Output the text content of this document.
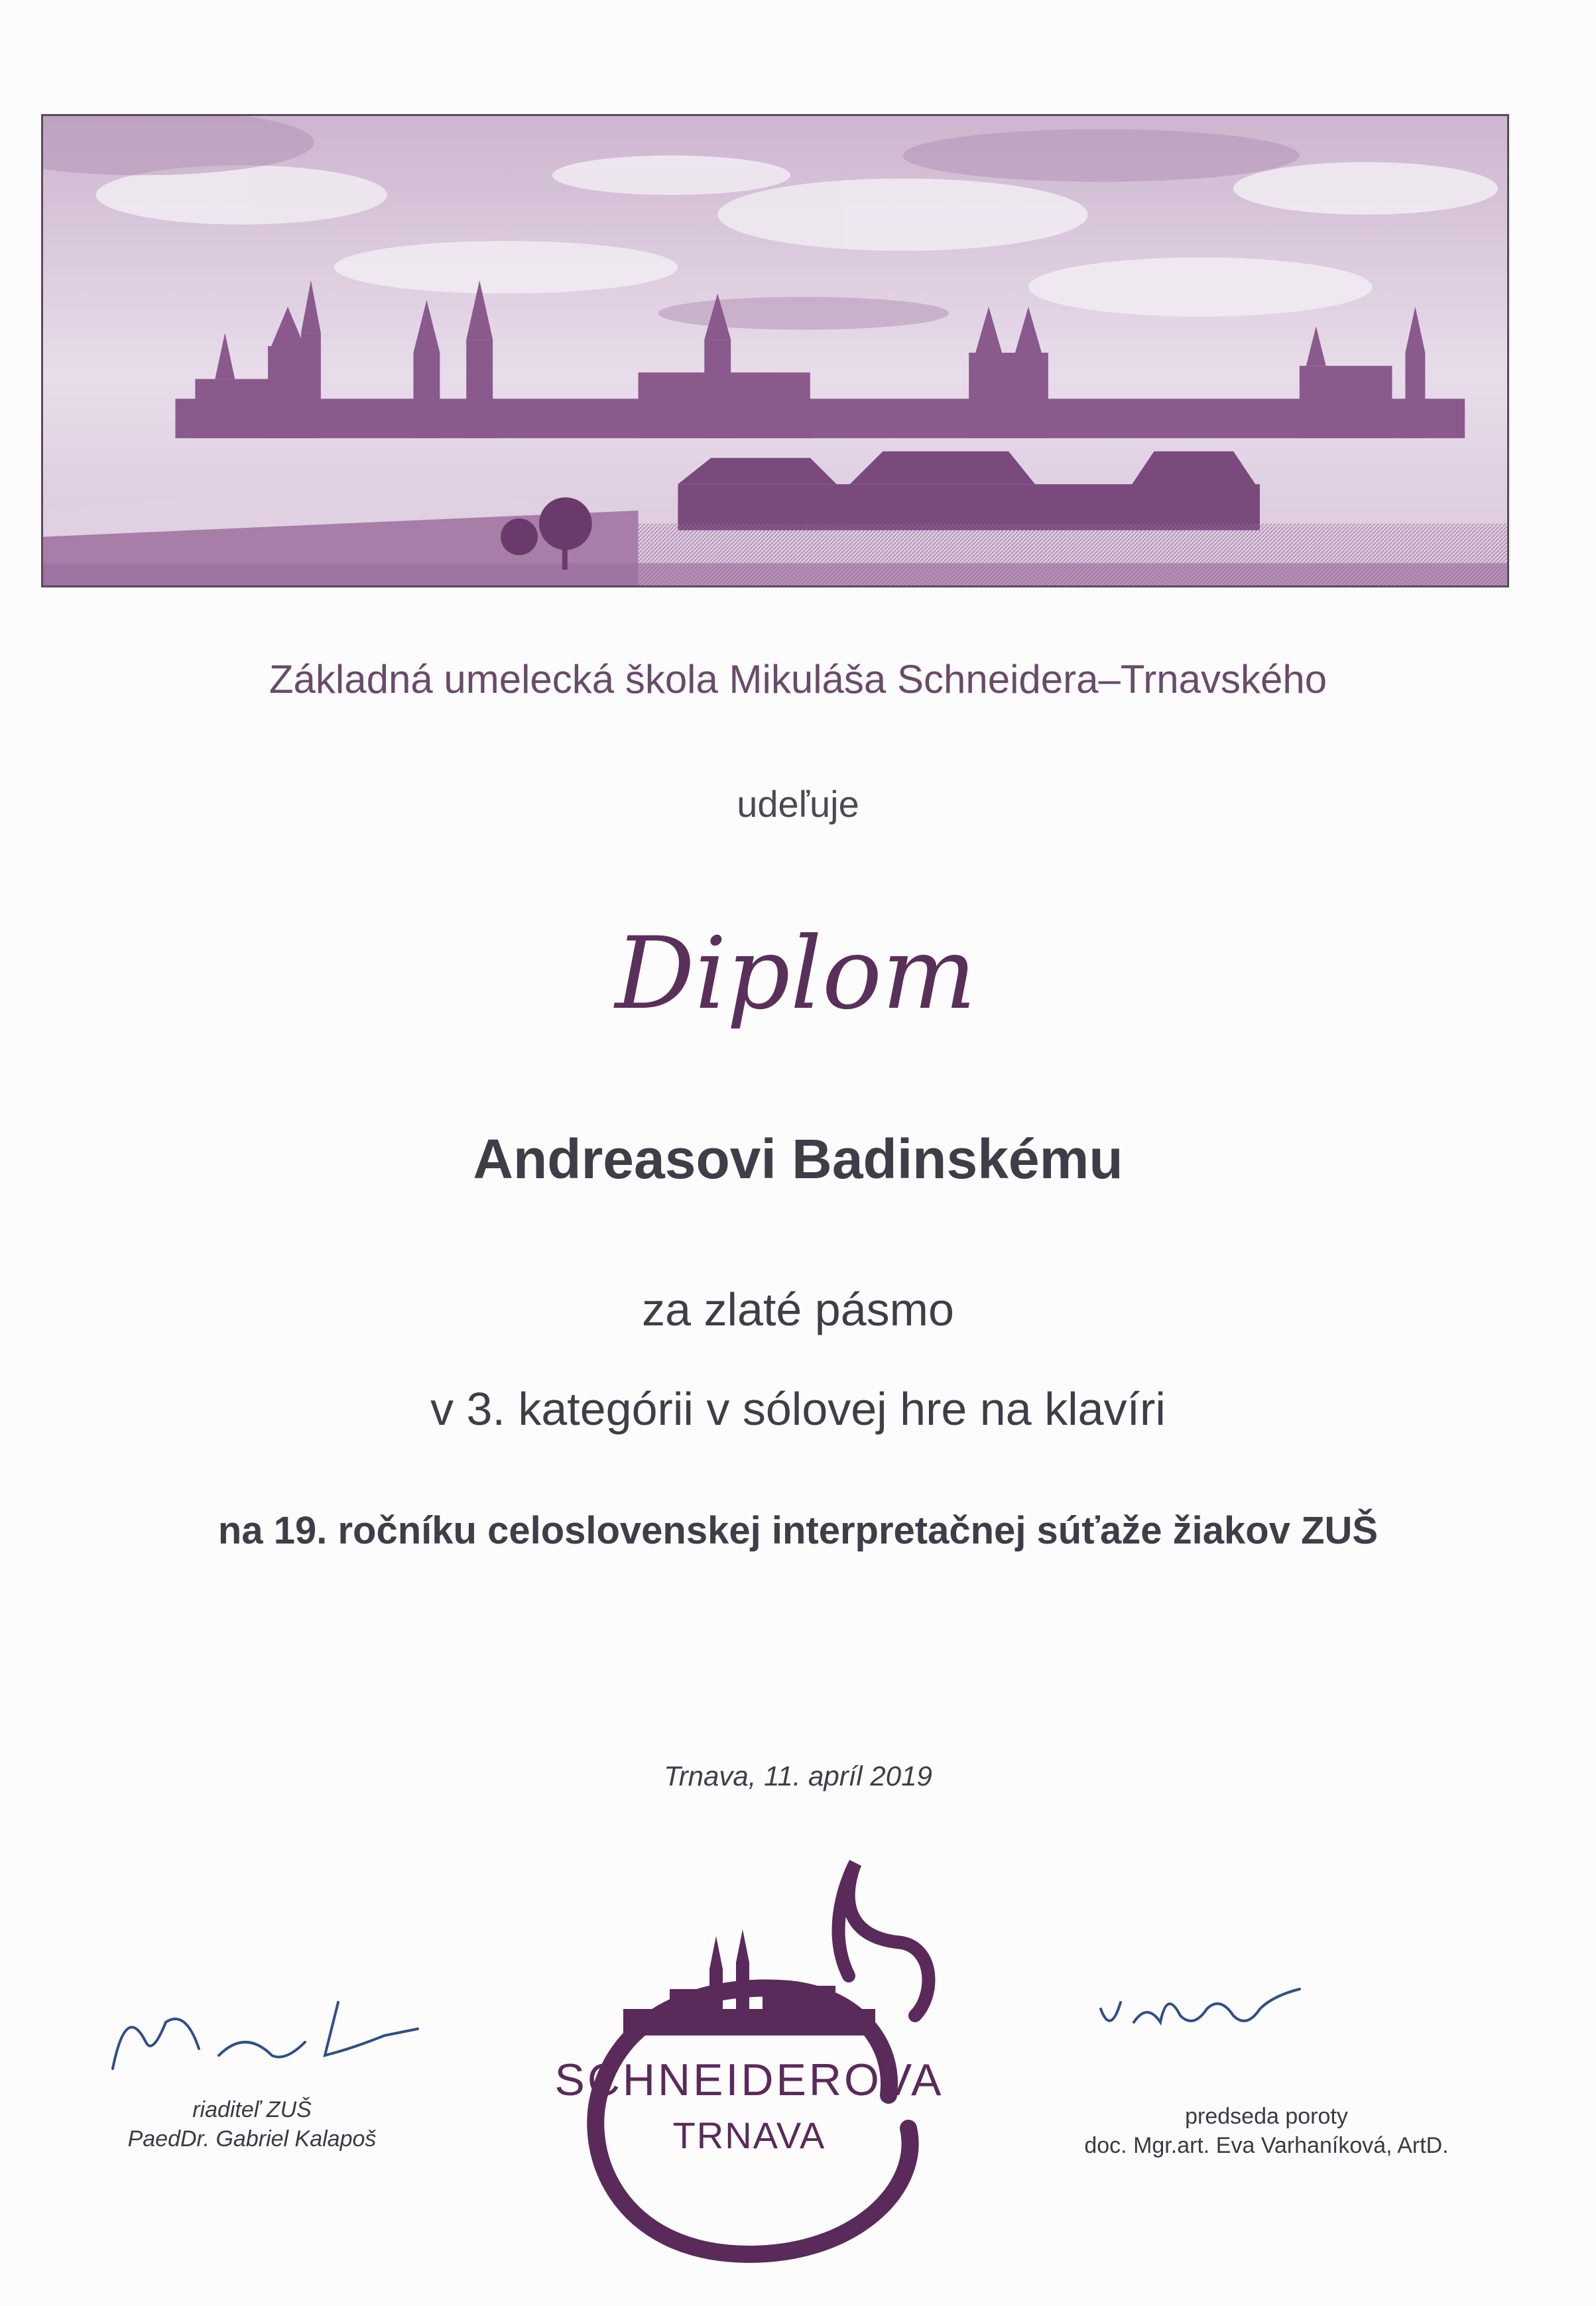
Základná umelecká škola Mikuláša Schneidera–Trnavského
udeľuje
Diplom
Andreasovi Badinskému
za zlaté pásmo
v 3. kategórii v sólovej hre na klavíri
na 19. ročníku celoslovenskej interpretačnej súťaže žiakov ZUŠ
Trnava, 11. apríl 2019
riaditeľ ZUŠ
PaedDr. Gabriel Kalapoš
predseda poroty
doc. Mgr.art. Eva Varhaníková, ArtD.
SCHNEIDEROVA
TRNAVA
